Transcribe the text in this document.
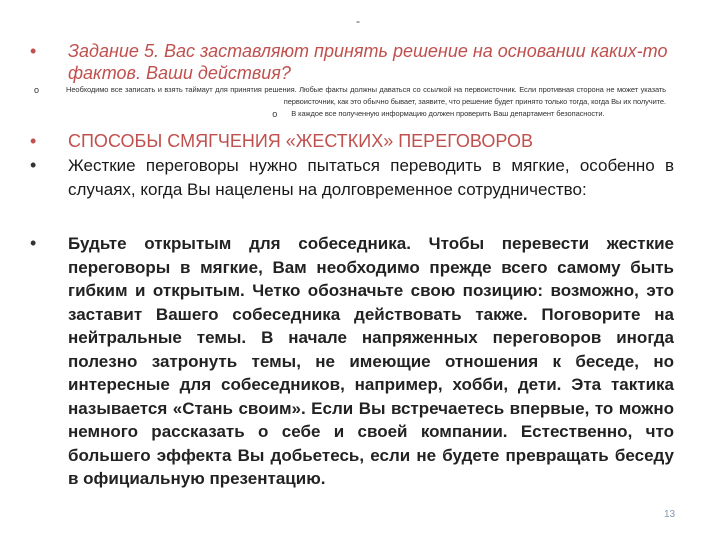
-
•	Задание 5. Вас заставляют принять решение на основании каких-то фактов. Ваши действия?
o	Необходимо все записать и взять таймаут для принятия решения. Любые факты должны даваться со ссылкой на первоисточник. Если противная сторона не может указать первоисточник, как это обычно бывает, заявите, что решение будет принято только тогда, когда Вы их получите.
o	В каждое все полученную информацию должен проверить Ваш департамент безопасности.
•	СПОСОБЫ СМЯГЧЕНИЯ «ЖЕСТКИХ» ПЕРЕГОВОРОВ
•	Жесткие переговоры нужно пытаться переводить в мягкие, особенно в случаях, когда Вы нацелены на долговременное сотрудничество:
•	Будьте открытым для собеседника. Чтобы перевести жесткие переговоры в мягкие, Вам необходимо прежде всего самому быть гибким и открытым. Четко обозначьте свою позицию: возможно, это заставит Вашего собеседника действовать также. Поговорите на нейтральные темы. В начале напряженных переговоров иногда полезно затронуть темы, не имеющие отношения к беседе, но интересные для собеседников, например, хобби, дети. Эта тактика называется «Стань своим». Если Вы встречаетесь впервые, то можно немного рассказать о себе и своей компании. Естественно, что большего эффекта Вы добьетесь, если не будете превращать беседу в официальную презентацию.
13
